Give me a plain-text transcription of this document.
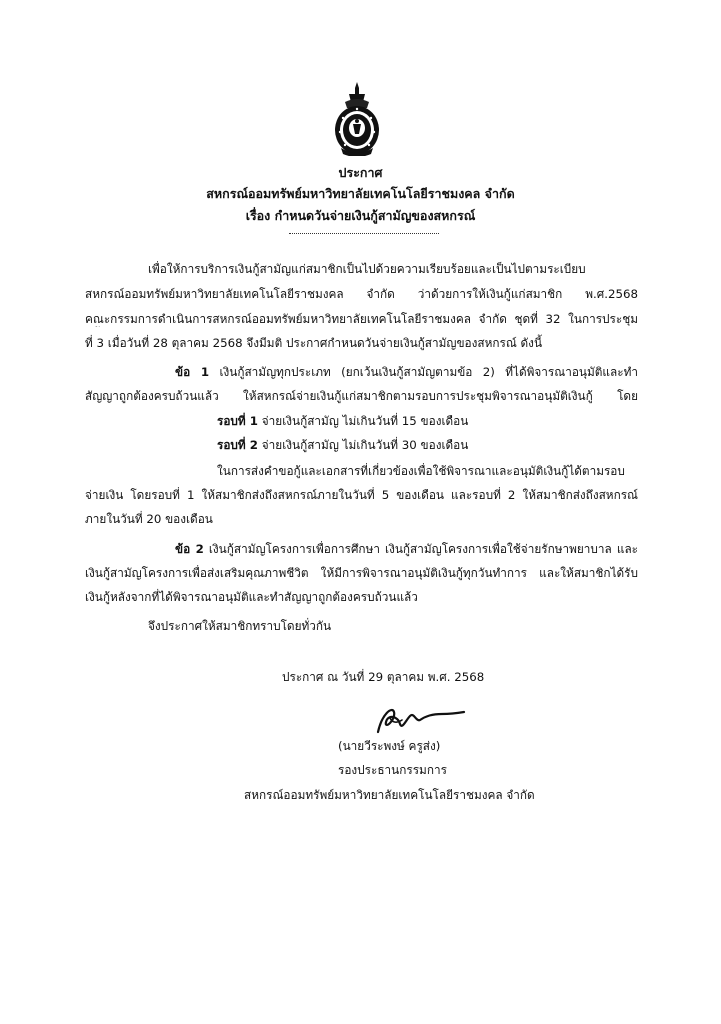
ประกาศ
สหกรณ์ออมทรัพย์มหาวิทยาลัยเทคโนโลยีราชมงคล จำกัด
เรื่อง กำหนดวันจ่ายเงินกู้สามัญของสหกรณ์
เพื่อให้การบริการเงินกู้สามัญแก่สมาชิกเป็นไปด้วยความเรียบร้อยและเป็นไปตามระเบียบ
สหกรณ์ออมทรัพย์มหาวิทยาลัยเทคโนโลยีราชมงคล จำกัด ว่าด้วยการให้เงินกู้แก่สมาชิก พ.ศ.2568
คณะกรรมการดำเนินการสหกรณ์ออมทรัพย์มหาวิทยาลัยเทคโนโลยีราชมงคล จำกัด ชุดที่ 32 ในการประชุม
ที่ 3 เมื่อวันที่ 28 ตุลาคม 2568 จึงมีมติ ประกาศกำหนดวันจ่ายเงินกู้สามัญของสหกรณ์ ดังนี้
ข้อ 1 เงินกู้สามัญทุกประเภท (ยกเว้นเงินกู้สามัญตามข้อ 2) ที่ได้พิจารณาอนุมัติและทำ
สัญญาถูกต้องครบถ้วนแล้ว ให้สหกรณ์จ่ายเงินกู้แก่สมาชิกตามรอบการประชุมพิจารณาอนุมัติเงินกู้ โดย
รอบที่ 1 จ่ายเงินกู้สามัญ ไม่เกินวันที่ 15 ของเดือน
รอบที่ 2 จ่ายเงินกู้สามัญ ไม่เกินวันที่ 30 ของเดือน
ในการส่งคำขอกู้และเอกสารที่เกี่ยวข้องเพื่อใช้พิจารณาและอนุมัติเงินกู้ได้ตามรอบ
จ่ายเงิน โดยรอบที่ 1 ให้สมาชิกส่งถึงสหกรณ์ภายในวันที่ 5 ของเดือน และรอบที่ 2 ให้สมาชิกส่งถึงสหกรณ์
ภายในวันที่ 20 ของเดือน
ข้อ 2 เงินกู้สามัญโครงการเพื่อการศึกษา เงินกู้สามัญโครงการเพื่อใช้จ่ายรักษาพยาบาล และ
เงินกู้สามัญโครงการเพื่อส่งเสริมคุณภาพชีวิต ให้มีการพิจารณาอนุมัติเงินกู้ทุกวันทำการ และให้สมาชิกได้รับ
เงินกู้หลังจากที่ได้พิจารณาอนุมัติและทำสัญญาถูกต้องครบถ้วนแล้ว
จึงประกาศให้สมาชิกทราบโดยทั่วกัน
ประกาศ ณ วันที่ 29 ตุลาคม พ.ศ. 2568
(นายวีระพงษ์ ครูส่ง)
รองประธานกรรมการ
สหกรณ์ออมทรัพย์มหาวิทยาลัยเทคโนโลยีราชมงคล จำกัด
